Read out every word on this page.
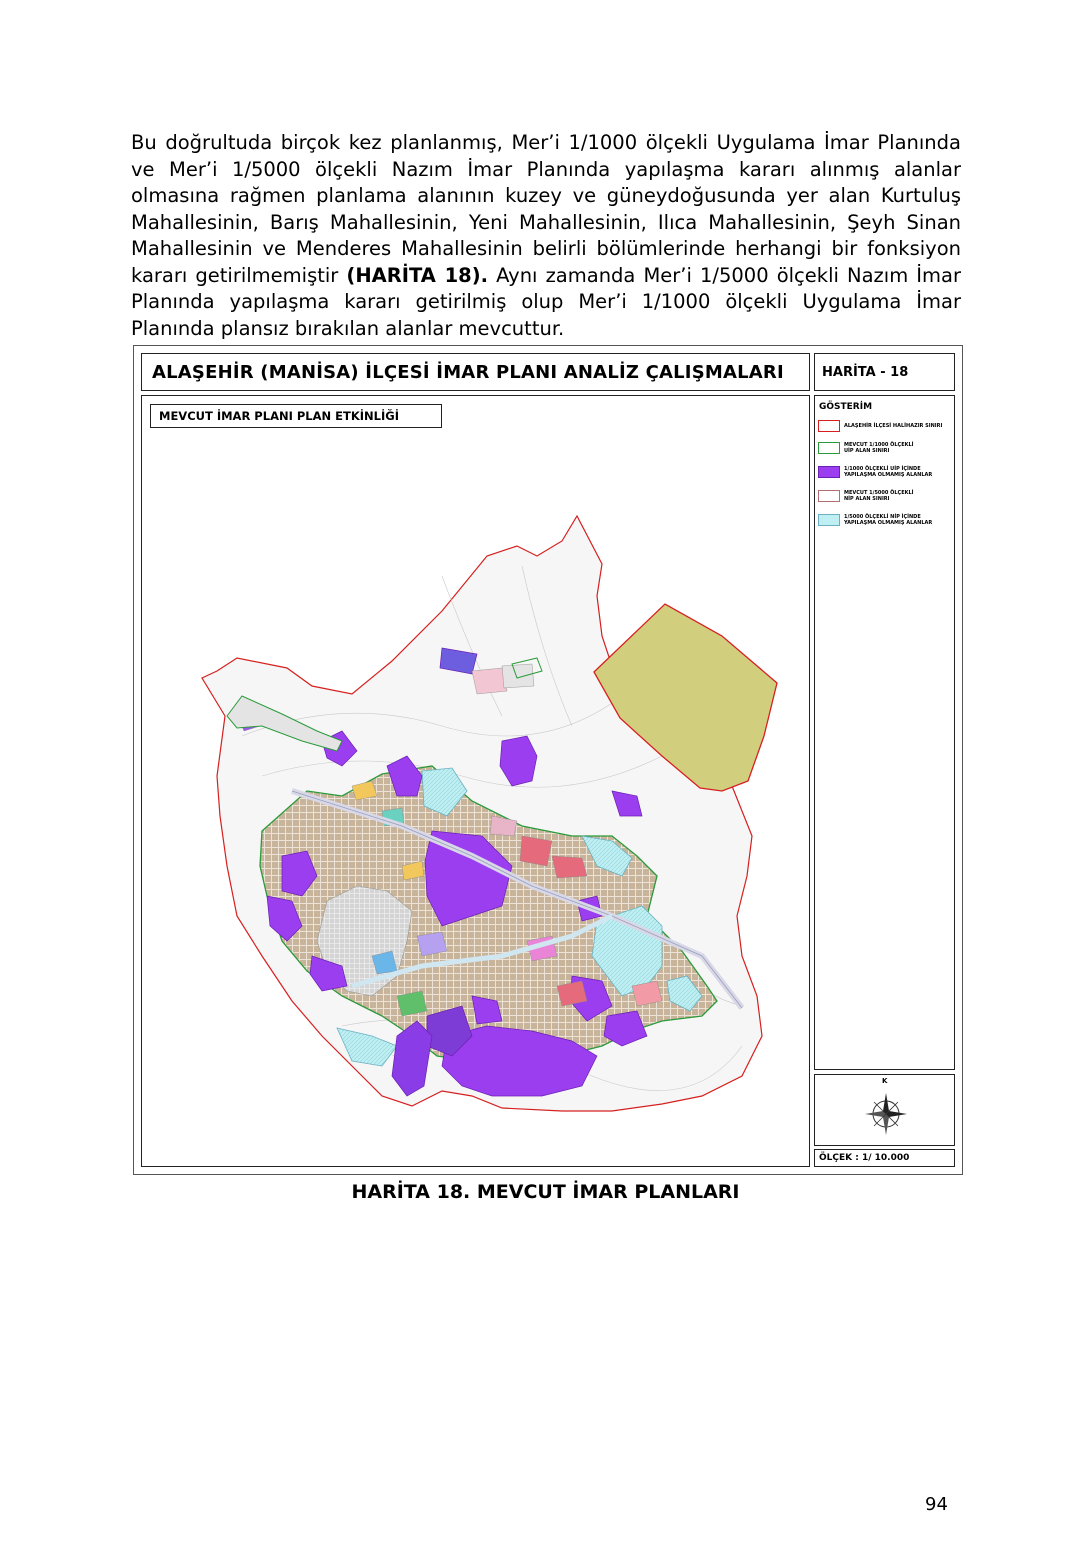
Bu doğrultuda birçok kez planlanmış, Mer’i 1/1000 ölçekli Uygulama İmar Planında ve Mer’i 1/5000 ölçekli Nazım İmar Planında yapılaşma kararı alınmış alanlar olmasına rağmen planlama alanının kuzey ve güneydoğusunda yer alan Kurtuluş Mahallesinin, Barış Mahallesinin, Yeni Mahallesinin, Ilıca Mahallesinin, Şeyh Sinan Mahallesinin ve Menderes Mahallesinin belirli bölümlerinde herhangi bir fonksiyon kararı getirilmemiştir (HARİTA 18). Aynı zamanda Mer’i 1/5000 ölçekli Nazım İmar Planında yapılaşma kararı getirilmiş olup Mer’i 1/1000 ölçekli Uygulama İmar Planında plansız bırakılan alanlar mevcuttur.

ALAŞEHİR (MANİSA) İLÇESİ İMAR PLANI ANALİZ ÇALIŞMALARI	HARİTA - 18
MEVCUT İMAR PLANI PLAN ETKİNLİĞİ
GÖSTERİM
ALAŞEHİR İLÇESİ HALİHAZIR SINIRI
MEVCUT 1/1000 ÖLÇEKLİ
UİP ALAN SINIRI
1/1000 ÖLÇEKLİ UİP İÇİNDE
YAPILAŞMA OLMAMIŞ ALANLAR
MEVCUT 1/5000 ÖLÇEKLİ
NİP ALAN SINIRI
1/5000 ÖLÇEKLİ NİP İÇİNDE
YAPILAŞMA OLMAMIŞ ALANLAR
K
ÖLÇEK : 1/ 10.000
HARİTA 18. MEVCUT İMAR PLANLARI
94
